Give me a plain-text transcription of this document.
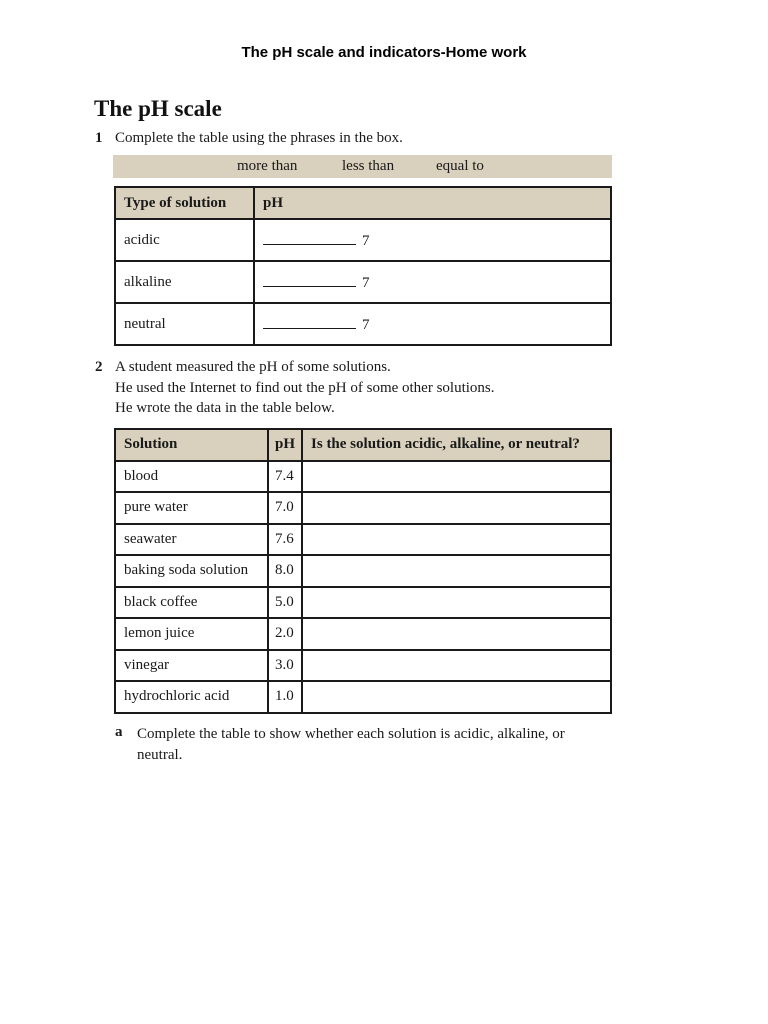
The pH scale and indicators-Home work
The pH scale
1 Complete the table using the phrases in the box.
more than	less than	equal to
Type of solution	pH
acidic	7
alkaline	7
neutral	7
2 A student measured the pH of some solutions.
He used the Internet to find out the pH of some other solutions.
He wrote the data in the table below.
Solution	pH	Is the solution acidic, alkaline, or neutral?
blood	7.4	
pure water	7.0	
seawater	7.6	
baking soda solution	8.0	
black coffee	5.0	
lemon juice	2.0	
vinegar	3.0	
hydrochloric acid	1.0	
a Complete the table to show whether each solution is acidic, alkaline, or neutral.
